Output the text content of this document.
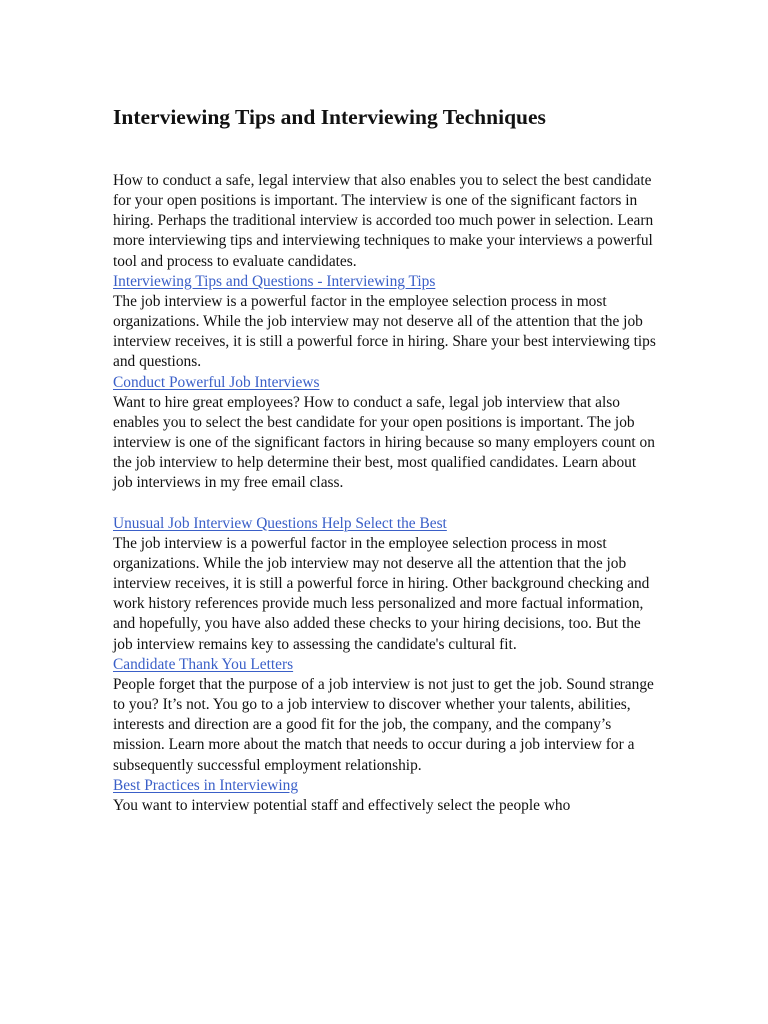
Interviewing Tips and Interviewing Techniques

How to conduct a safe, legal interview that also enables you to select the best candidate for your open positions is important. The interview is one of the significant factors in hiring. Perhaps the traditional interview is accorded too much power in selection. Learn more interviewing tips and interviewing techniques to make your interviews a powerful tool and process to evaluate candidates.

Interviewing Tips and Questions - Interviewing Tips

The job interview is a powerful factor in the employee selection process in most organizations. While the job interview may not deserve all of the attention that the job interview receives, it is still a powerful force in hiring. Share your best interviewing tips and questions.

Conduct Powerful Job Interviews

Want to hire great employees? How to conduct a safe, legal job interview that also enables you to select the best candidate for your open positions is important. The job interview is one of the significant factors in hiring because so many employers count on the job interview to help determine their best, most qualified candidates. Learn about job interviews in my free email class.

Unusual Job Interview Questions Help Select the Best

The job interview is a powerful factor in the employee selection process in most organizations. While the job interview may not deserve all the attention that the job interview receives, it is still a powerful force in hiring. Other background checking and work history references provide much less personalized and more factual information, and hopefully, you have also added these checks to your hiring decisions, too. But the job interview remains key to assessing the candidate's cultural fit.

Candidate Thank You Letters

People forget that the purpose of a job interview is not just to get the job. Sound strange to you? It’s not. You go to a job interview to discover whether your talents, abilities, interests and direction are a good fit for the job, the company, and the company’s mission. Learn more about the match that needs to occur during a job interview for a subsequently successful employment relationship.

Best Practices in Interviewing

You want to interview potential staff and effectively select the people who
